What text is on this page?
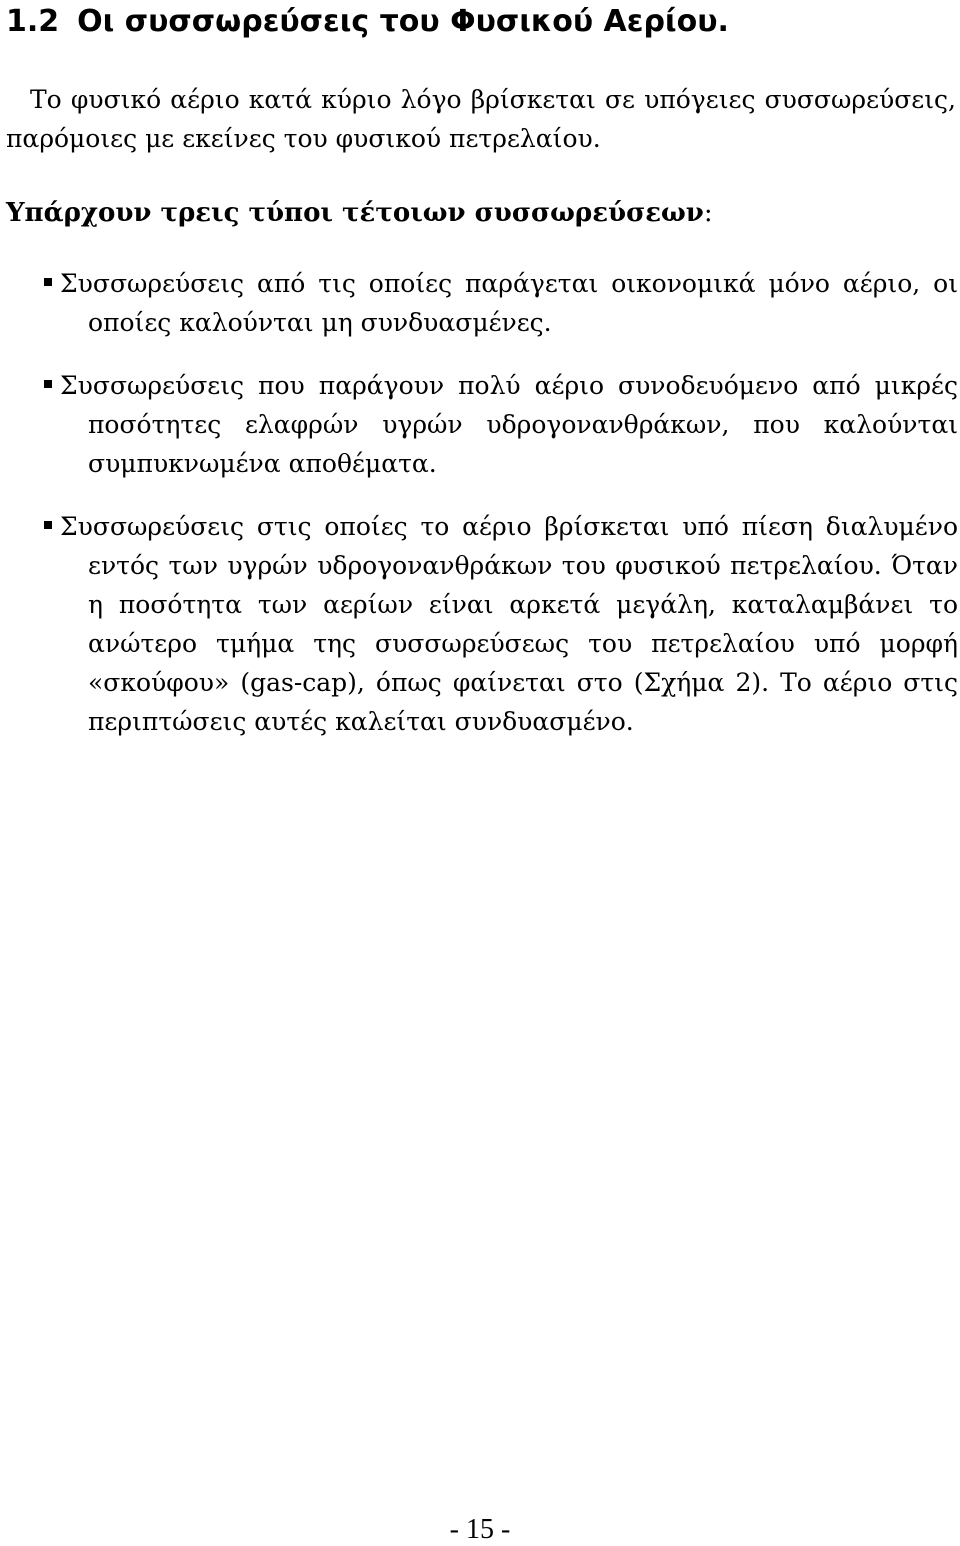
1.2 Οι συσσωρεύσεις του Φυσικού Αερίου.

Το φυσικό αέριο κατά κύριο λόγο βρίσκεται σε υπόγειες συσσωρεύσεις, παρόμοιες με εκείνες του φυσικού πετρελαίου.

Υπάρχουν τρεις τύποι τέτοιων συσσωρεύσεων:

Συσσωρεύσεις από τις οποίες παράγεται οικονομικά μόνο αέριο, οι οποίες καλούνται μη συνδυασμένες.
Συσσωρεύσεις που παράγουν πολύ αέριο συνοδευόμενο από μικρές ποσότητες ελαφρών υγρών υδρογονανθράκων, που καλούνται συμπυκνωμένα αποθέματα.
Συσσωρεύσεις στις οποίες το αέριο βρίσκεται υπό πίεση διαλυμένο εντός των υγρών υδρογονανθράκων του φυσικού πετρελαίου. Όταν η ποσότητα των αερίων είναι αρκετά μεγάλη, καταλαμβάνει το ανώτερο τμήμα της συσσωρεύσεως του πετρελαίου υπό μορφή «σκούφου» (gas-cap), όπως φαίνεται στο (Σχήμα 2). Το αέριο στις περιπτώσεις αυτές καλείται συνδυασμένο.

- 15 -
